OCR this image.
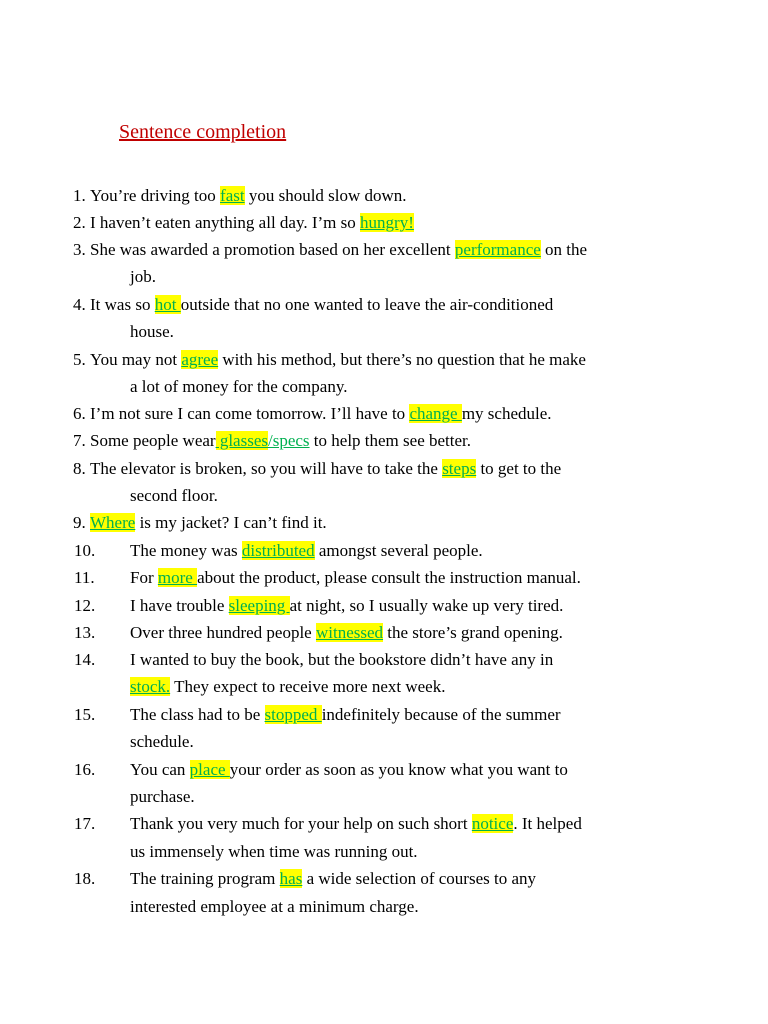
Sentence completion
1. You’re driving too fast you should slow down.
2. I haven’t eaten anything all day. I’m so hungry!
3. She was awarded a promotion based on her excellent performance on the
job.
4. It was so hot outside that no one wanted to leave the air-conditioned
house.
5. You may not agree with his method, but there’s no question that he make
a lot of money for the company.
6. I’m not sure I can come tomorrow. I’ll have to change my schedule.
7. Some people wear glasses/specs to help them see better.
8. The elevator is broken, so you will have to take the steps to get to the
second floor.
9. Where is my jacket? I can’t find it.
10. The money was distributed amongst several people.
11. For more about the product, please consult the instruction manual.
12. I have trouble sleeping at night, so I usually wake up very tired.
13. Over three hundred people witnessed the store’s grand opening.
14. I wanted to buy the book, but the bookstore didn’t have any in
stock. They expect to receive more next week.
15. The class had to be stopped indefinitely because of the summer
schedule.
16. You can place your order as soon as you know what you want to
purchase.
17. Thank you very much for your help on such short notice. It helped
us immensely when time was running out.
18. The training program has a wide selection of courses to any
interested employee at a minimum charge.
